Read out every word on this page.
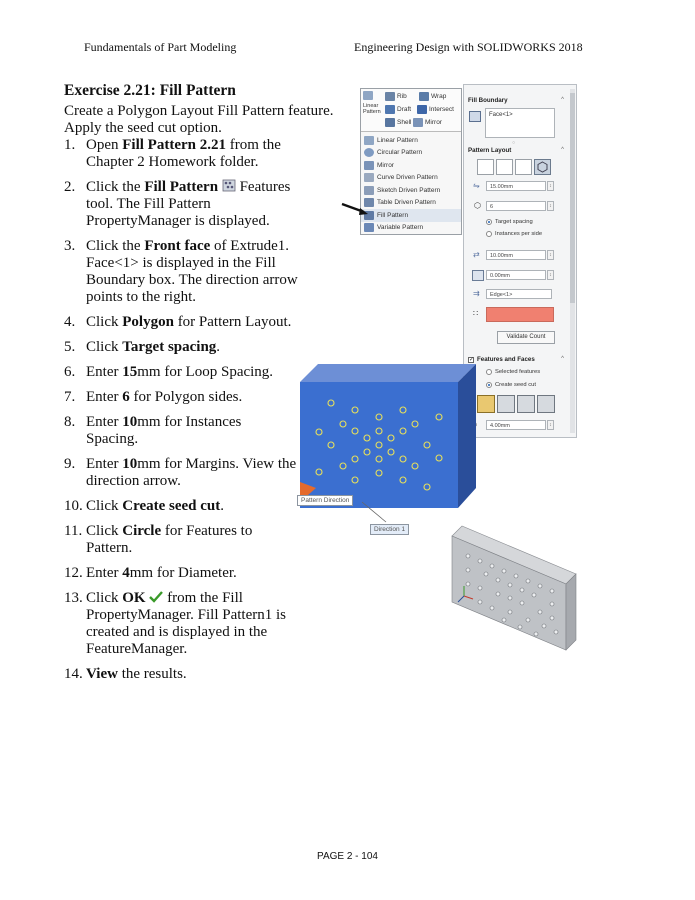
Fundamentals of Part Modeling	Engineering Design with SOLIDWORKS 2018
Exercise 2.21: Fill Pattern
Create a Polygon Layout Fill Pattern feature. Apply the seed cut option.
1. Open Fill Pattern 2.21 from the Chapter 2 Homework folder.
2. Click the Fill Pattern  Features tool. The Fill Pattern PropertyManager is displayed.
3. Click the Front face of Extrude1. Face<1> is displayed in the Fill Boundary box. The direction arrow points to the right.
4. Click Polygon for Pattern Layout.
5. Click Target spacing.
6. Enter 15mm for Loop Spacing.
7. Enter 6 for Polygon sides.
8. Enter 10mm for Instances Spacing.
9. Enter 10mm for Margins. View the direction arrow.
10. Click Create seed cut.
11. Click Circle for Features to Pattern.
12. Enter 4mm for Diameter.
13. Click OK  from the Fill PropertyManager. Fill Pattern1 is created and is displayed in the FeatureManager.
14. View the results.
Linear Pattern
Rib	Wrap
Draft	Intersect
Shell Mirror
Linear Pattern
Circular Pattern
Mirror
Curve Driven Pattern
Sketch Driven Pattern
Table Driven Pattern
Fill Pattern
Variable Pattern
Fill Boundary	^
Face<1>
○
Pattern Layout	^
⇋	15.00mm	↕
⬡	6	↕
Target spacing
Instances per side
⇄	10.00mm	↕
0.00mm	↕
⇉	Edge<1>
∷
Validate Count
✓ Features and Faces	^
Selected features
Create seed cut
4.00mm	↕
Pattern Direction
Direction 1
PAGE 2 - 104
